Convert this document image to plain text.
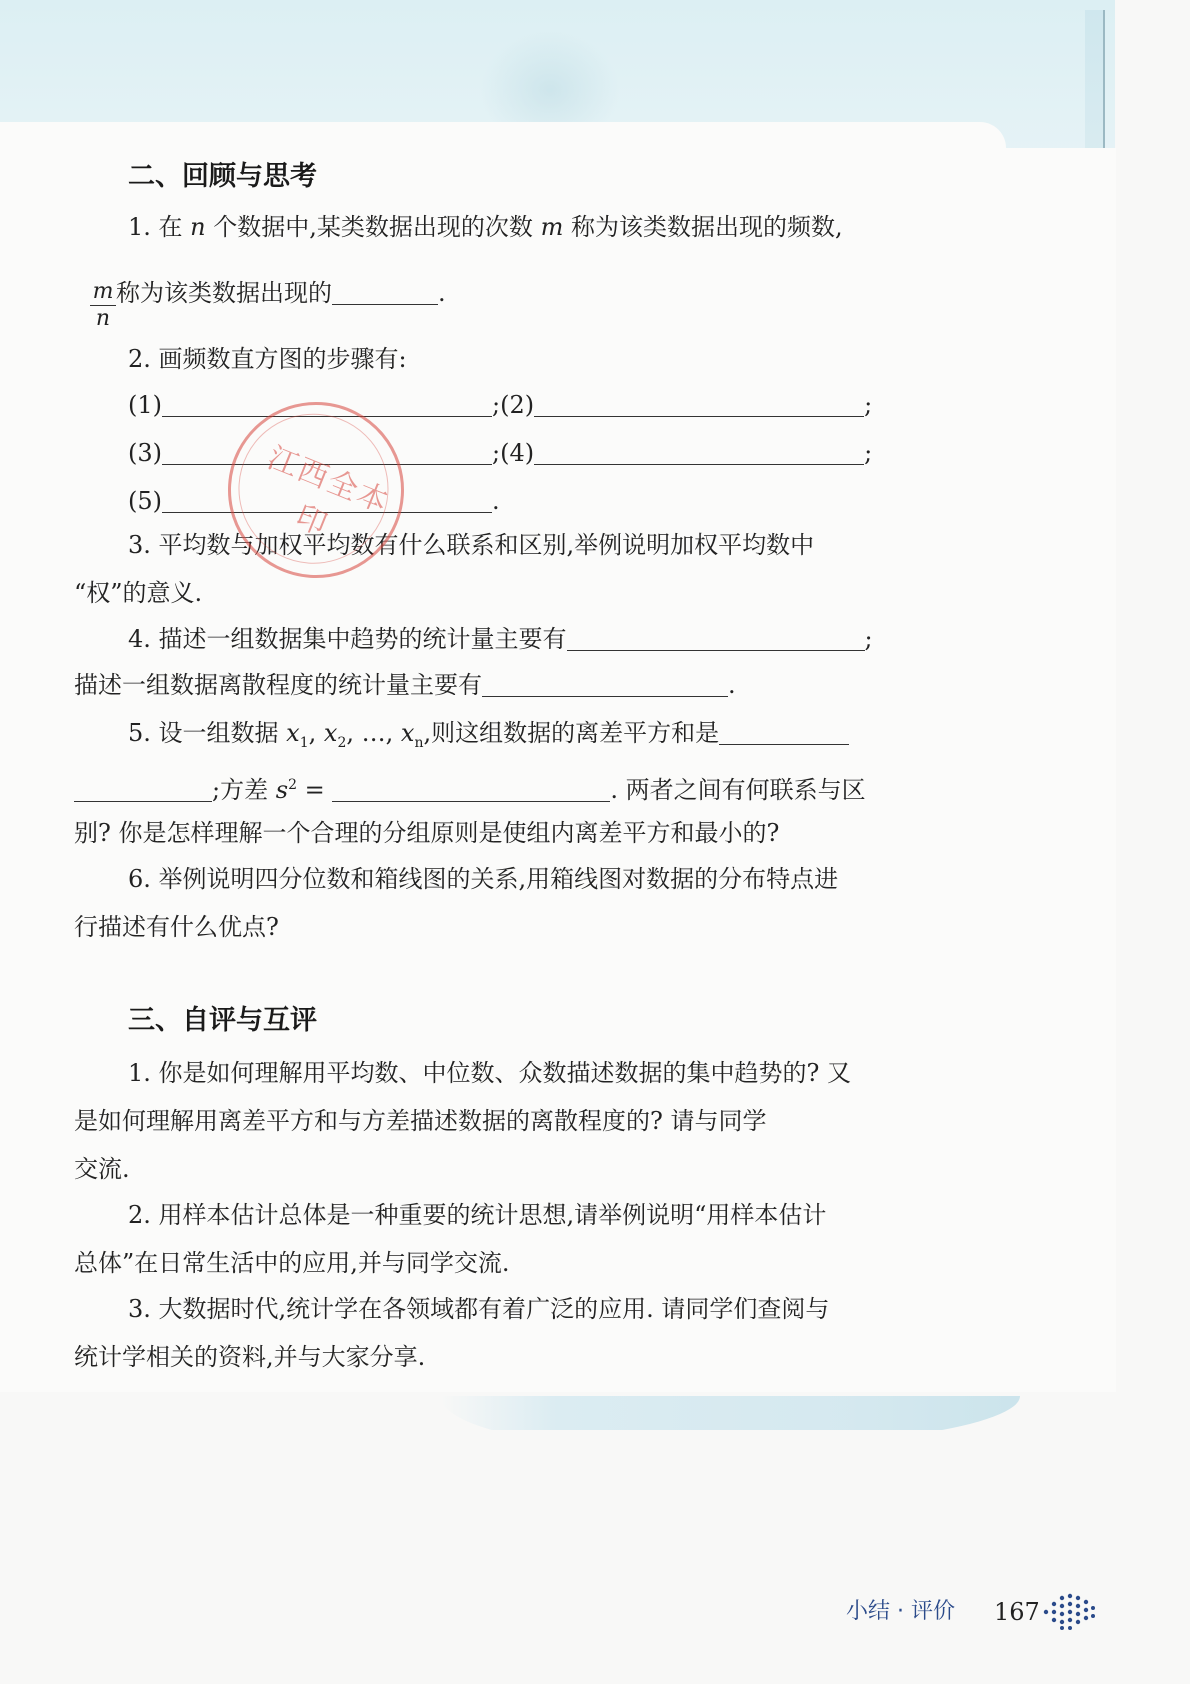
二、回顾与思考
1. 在 n 个数据中,某类数据出现的次数 m 称为该类数据出现的频数,
m
n
称为该类数据出现的	.
2. 画频数直方图的步骤有:
(1)	;(2)	;
(3)	;(4)	;
(5)	.
3. 平均数与加权平均数有什么联系和区别,举例说明加权平均数中
“权”的意义.
4. 描述一组数据集中趋势的统计量主要有	;
描述一组数据离散程度的统计量主要有	.
5. 设一组数据 $x_1$, $x_2$, …, $x_n$,则这组数据的离差平方和是
;方差 $s^2$ =	. 两者之间有何联系与区
别? 你是怎样理解一个合理的分组原则是使组内离差平方和最小的?
6. 举例说明四分位数和箱线图的关系,用箱线图对数据的分布特点进
行描述有什么优点?
江西全本印
三、自评与互评
1. 你是如何理解用平均数、中位数、众数描述数据的集中趋势的? 又
是如何理解用离差平方和与方差描述数据的离散程度的? 请与同学
交流.
2. 用样本估计总体是一种重要的统计思想,请举例说明“用样本估计
总体”在日常生活中的应用,并与同学交流.
3. 大数据时代,统计学在各领域都有着广泛的应用. 请同学们查阅与
统计学相关的资料,并与大家分享.
小结 · 评价 167
